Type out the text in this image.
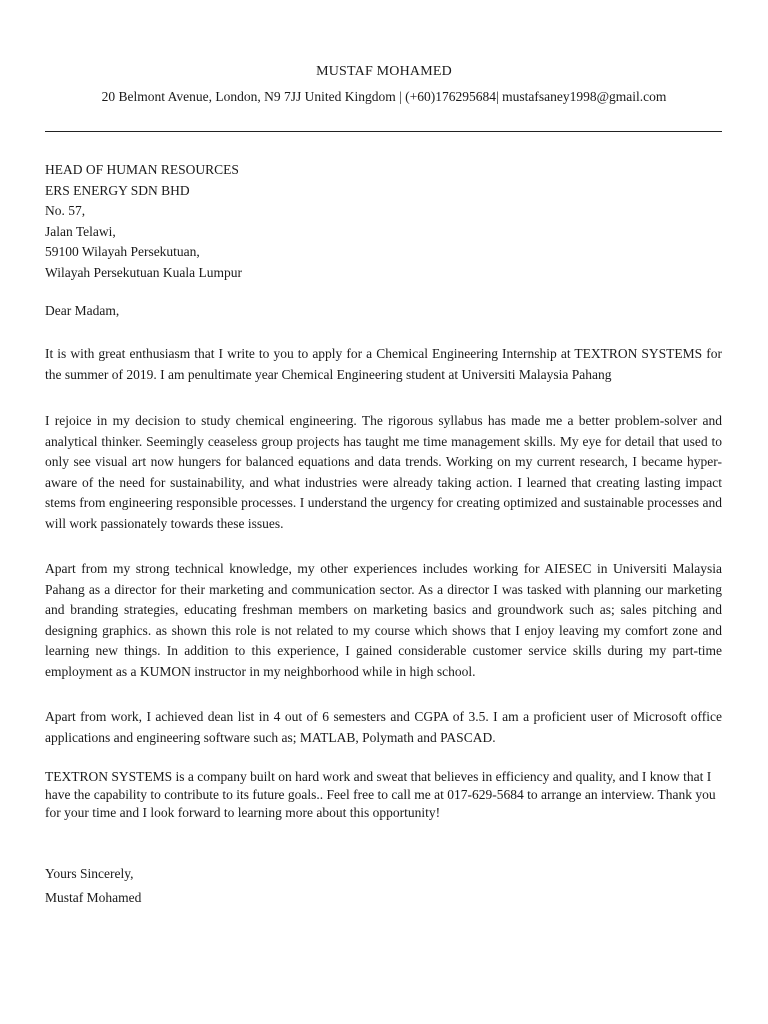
MUSTAF MOHAMED
20 Belmont Avenue, London, N9 7JJ United Kingdom | (+60)176295684| mustafsaney1998@gmail.com
HEAD OF HUMAN RESOURCES
ERS ENERGY SDN BHD
No. 57,
Jalan Telawi,
59100 Wilayah Persekutuan,
Wilayah Persekutuan Kuala Lumpur
Dear Madam,
It is with great enthusiasm that I write to you to apply for a Chemical Engineering Internship at TEXTRON SYSTEMS for the summer of 2019. I am penultimate year Chemical Engineering student at Universiti Malaysia Pahang
I rejoice in my decision to study chemical engineering. The rigorous syllabus has made me a better problem-solver and analytical thinker. Seemingly ceaseless group projects has taught me time management skills. My eye for detail that used to only see visual art now hungers for balanced equations and data trends. Working on my current research, I became hyper-aware of the need for sustainability, and what industries were already taking action. I learned that creating lasting impact stems from engineering responsible processes. I understand the urgency for creating optimized and sustainable processes and will work passionately towards these issues.
Apart from my strong technical knowledge, my other experiences includes working for AIESEC in Universiti Malaysia Pahang as a director for their marketing and communication sector. As a director I was tasked with planning our marketing and branding strategies, educating freshman members on marketing basics and groundwork such as; sales pitching and designing graphics. as shown this role is not related to my course which shows that I enjoy leaving my comfort zone and learning new things. In addition to this experience, I gained considerable customer service skills during my part-time employment as a KUMON instructor in my neighborhood while in high school.
Apart from work, I achieved dean list in 4 out of 6 semesters and CGPA of 3.5. I am a proficient user of Microsoft office applications and engineering software such as; MATLAB, Polymath and PASCAD.
TEXTRON SYSTEMS is a company built on hard work and sweat that believes in efficiency and quality, and I know that I have the capability to contribute to its future goals.. Feel free to call me at 017-629-5684 to arrange an interview. Thank you for your time and I look forward to learning more about this opportunity!
Yours Sincerely,
Mustaf Mohamed
